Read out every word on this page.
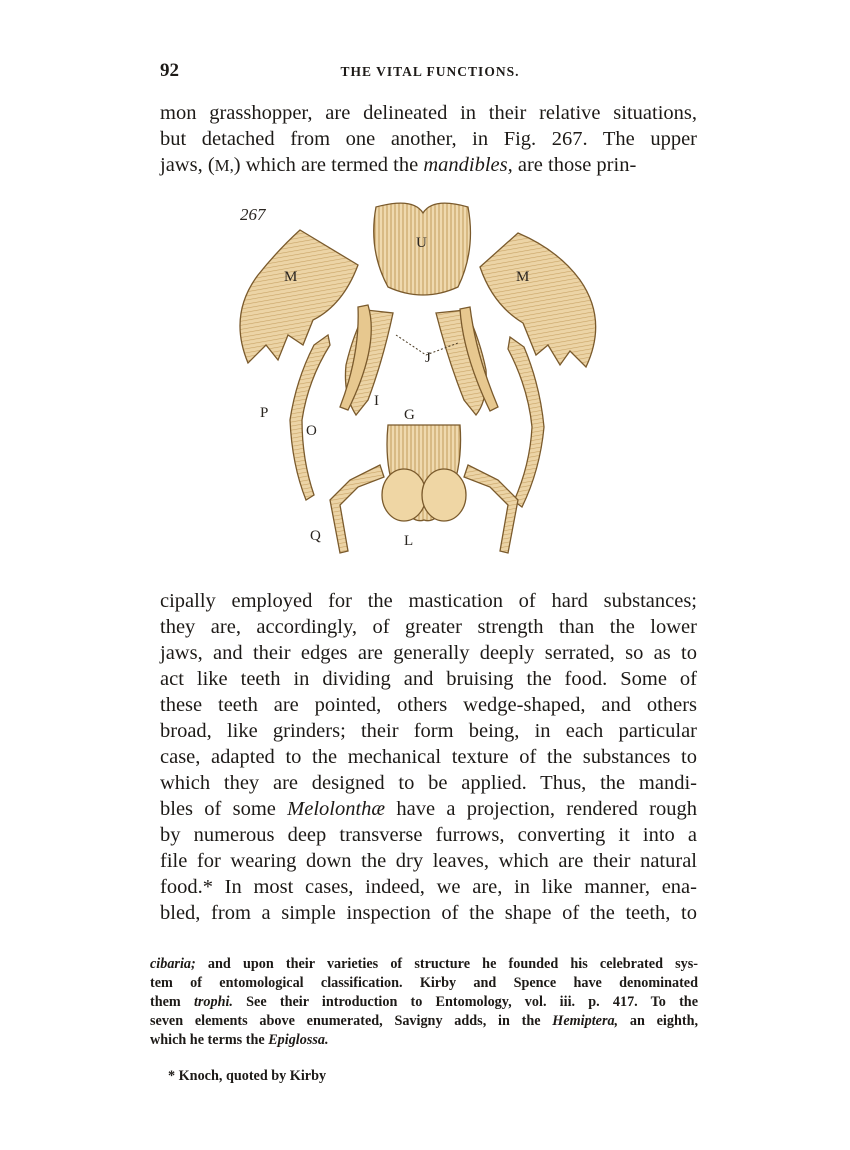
92	THE VITAL FUNCTIONS.

mon grasshopper, are delineated in their relative situations,
but detached from one another, in Fig. 267. The upper
jaws, (M,) which are termed the mandibles, are those prin-

267
U
M	M
J
I
G
P
O
Q	L

cipally employed for the mastication of hard substances;
they are, accordingly, of greater strength than the lower
jaws, and their edges are generally deeply serrated, so as to
act like teeth in dividing and bruising the food. Some of
these teeth are pointed, others wedge-shaped, and others
broad, like grinders; their form being, in each particular
case, adapted to the mechanical texture of the substances to
which they are designed to be applied. Thus, the mandi-
bles of some Melolonthæ have a projection, rendered rough
by numerous deep transverse furrows, converting it into a
file for wearing down the dry leaves, which are their natural
food.* In most cases, indeed, we are, in like manner, ena-
bled, from a simple inspection of the shape of the teeth, to

cibaria; and upon their varieties of structure he founded his celebrated sys-
tem of entomological classification. Kirby and Spence have denominated
them trophi. See their introduction to Entomology, vol. iii. p. 417. To the
seven elements above enumerated, Savigny adds, in the Hemiptera, an eighth,
which he terms the Epiglossa.

* Knoch, quoted by Kirby
